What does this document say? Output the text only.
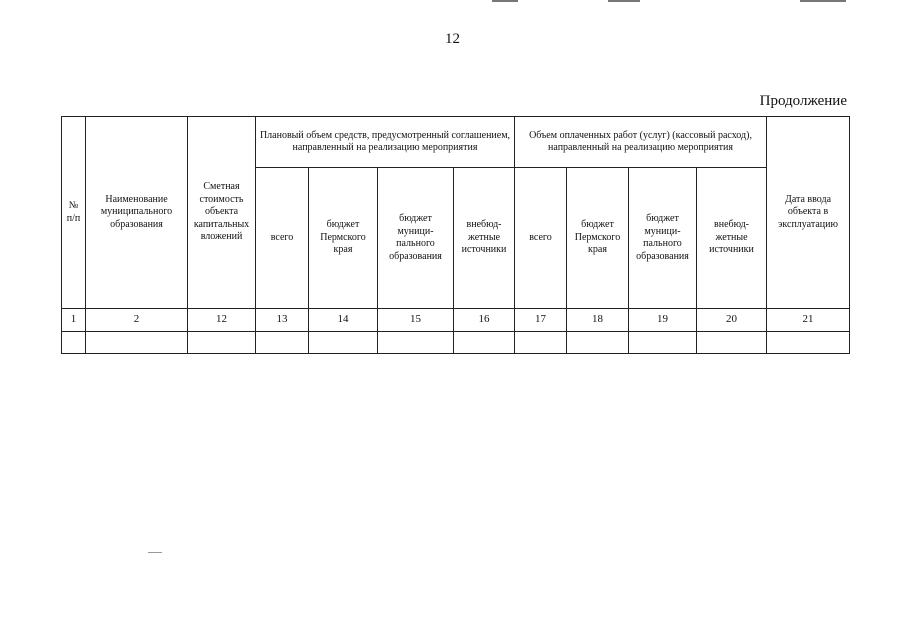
12
Продолжение
№ п/п	Наименование муниципального образования	Сметная стоимость объекта капитальных вложений	Плановый объем средств, предусмотренный соглашением, направленный на реализацию мероприятия				Объем оплаченных работ (услуг) (кассовый расход), направленный на реализацию мероприятия				Дата ввода объекта в эксплуатацию
			всего	бюджет Пермского края	бюджет муници- пального образования	внебюд- жетные источники	всего	бюджет Пермского края	бюджет муници- пального образования	внебюд- жетные источники	
1	2	12	13	14	15	16	17	18	19	20	21
